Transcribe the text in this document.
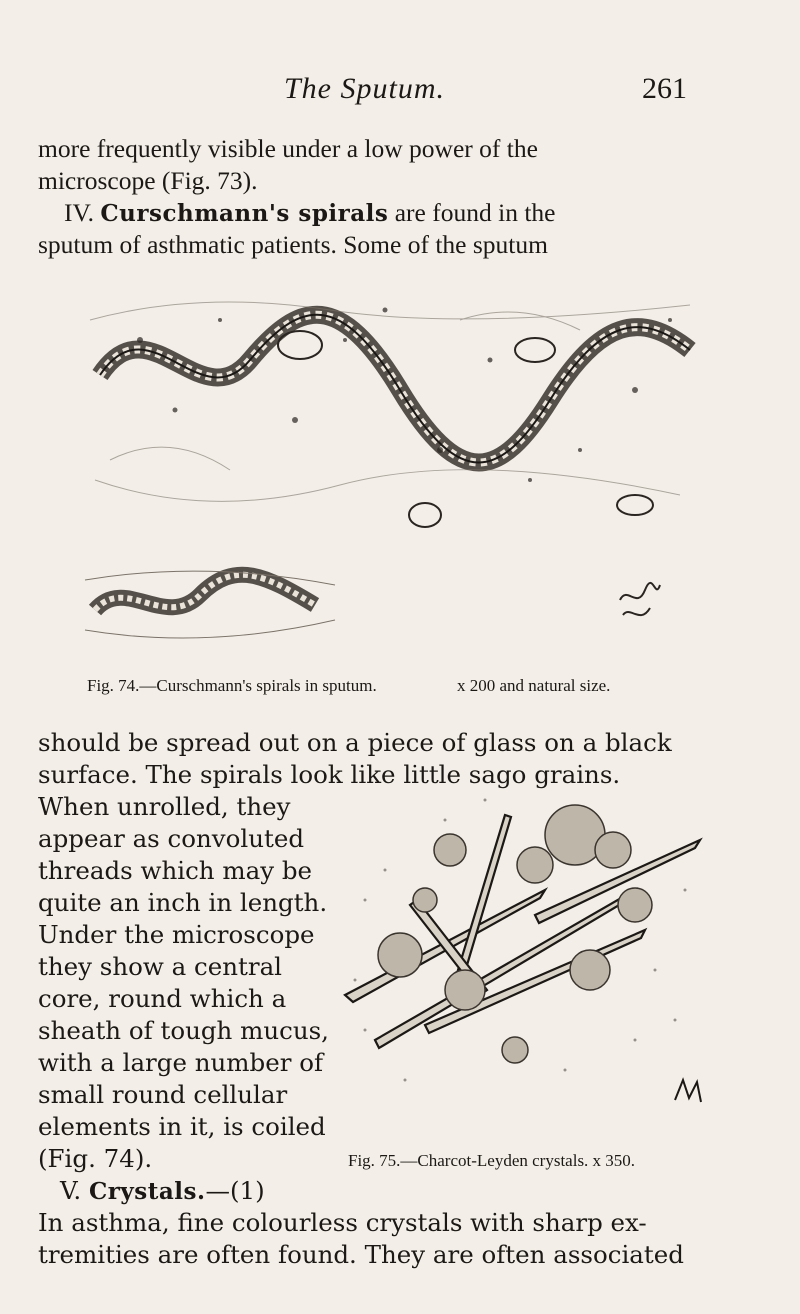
The Sputum.	261
more frequently visible under a low power of the
microscope (Fig. 73).
IV. Curschmann's spirals are found in the
sputum of asthmatic patients. Some of the sputum
Fig. 74.—Curschmann's spirals in sputum.	x 200 and natural size.
should be spread out on a piece of glass on a black
surface. The spirals look like little sago grains.
When unrolled, they
appear as convoluted
threads which may be
quite an inch in length.
Under the microscope
they show a central
core, round which a
sheath of tough mucus,
with a large number of
small round cellular
elements in it, is coiled
(Fig. 74).
V. Crystals.—(1)
In asthma, fine colourless crystals with sharp ex-
tremities are often found. They are often associated
Fig. 75.—Charcot-Leyden crystals. x 350.
